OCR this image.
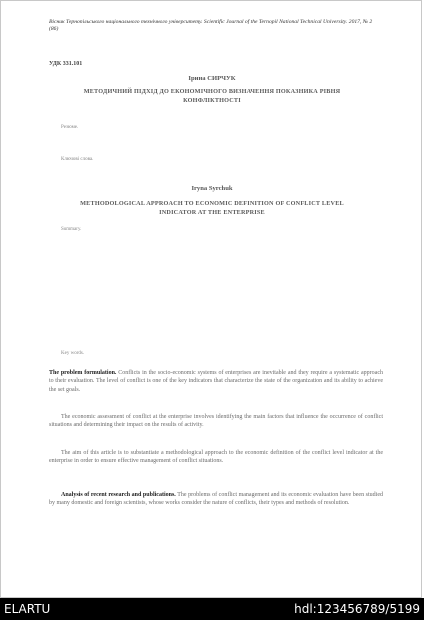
Вісник Тернопільського національного технічного університету. Scientific Journal of the Ternopil National Technical University. 2017, № 2 (86)
УДК 331.101
Ірина СИРЧУК
МЕТОДИЧНИЙ ПІДХІД ДО ЕКОНОМІЧНОГО ВИЗНАЧЕННЯ ПОКАЗНИКА РІВНЯ КОНФЛІКТНОСТІ
Резюме.
Ключові слова.
Iryna Syrchuk
METHODOLOGICAL APPROACH TO ECONOMIC DEFINITION OF CONFLICT LEVEL INDICATOR AT THE ENTERPRISE
Summary.
Key words.
The problem formulation. Conflicts in the socio-economic systems of enterprises are inevitable and they require a systematic approach to their evaluation. The level of conflict is one of the key indicators that characterize the state of the organization and its ability to achieve the set goals.
The economic assessment of conflict at the enterprise involves identifying the main factors that influence the occurrence of conflict situations and determining their impact on the results of activity.
The aim of this article is to substantiate a methodological approach to the economic definition of the conflict level indicator at the enterprise in order to ensure effective management of conflict situations.
Analysis of recent research and publications. The problems of conflict management and its economic evaluation have been studied by many domestic and foreign scientists, whose works consider the nature of conflicts, their types and methods of resolution.
ELARTU	hdl:123456789/5199
